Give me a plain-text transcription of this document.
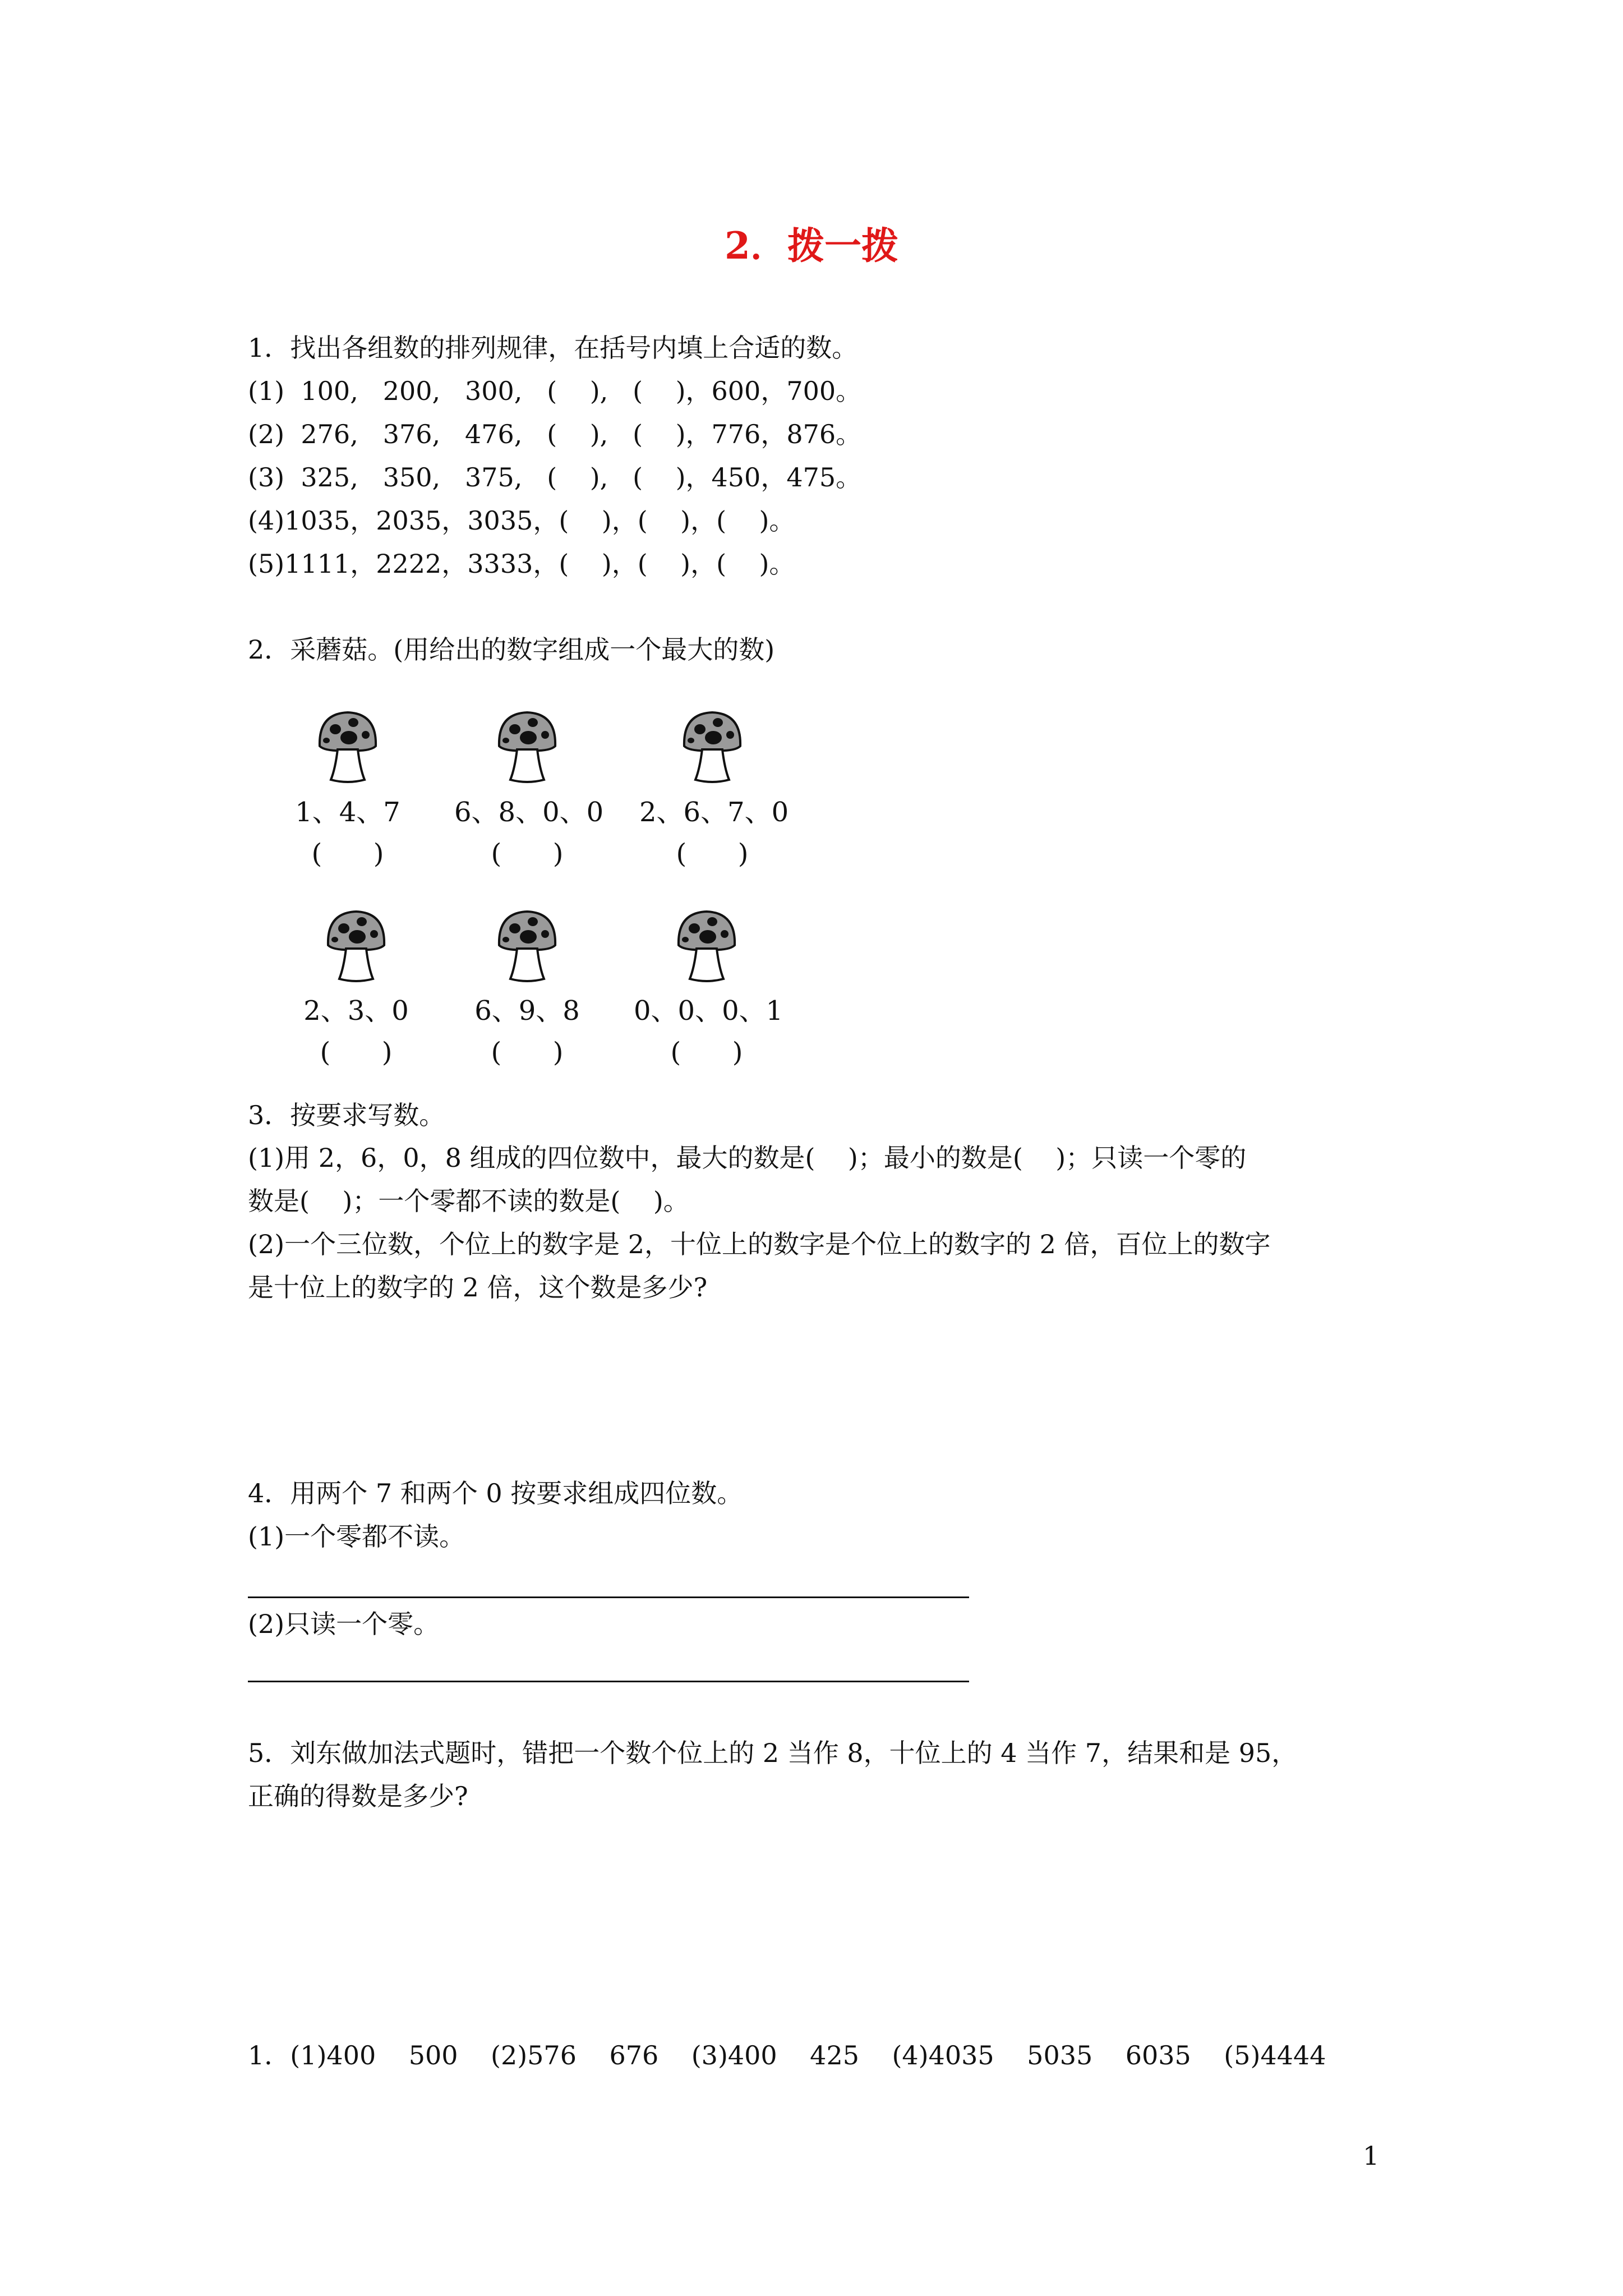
2．拨一拨
1．找出各组数的排列规律，在括号内填上合适的数。
(1)  100,   200,   300,   (    ),   (    )，600，700。
(2)  276,   376,   476,   (    ),   (    )，776，876。
(3)  325,   350,   375,   (    ),   (    )，450，475。
(4)1035，2035，3035，(    )，(    )，(    )。
(5)1111，2222，3333，(    )，(    )，(    )。
2．采蘑菇。(用给出的数字组成一个最大的数)
1、4、7	6、8、0、0 2、6、7、0
(      )	(      )	(      )
2、3、0	6、9、8	0、0、0、1
(      )	(      )	(      )
3．按要求写数。
(1)用 2，6，0，8 组成的四位数中，最大的数是(    )；最小的数是(    )；只读一个零的
数是(    )；一个零都不读的数是(    )。
(2)一个三位数，个位上的数字是 2，十位上的数字是个位上的数字的 2 倍，百位上的数字
是十位上的数字的 2 倍，这个数是多少?
4．用两个 7 和两个 0 按要求组成四位数。
(1)一个零都不读。
(2)只读一个零。
5．刘东做加法式题时，错把一个数个位上的 2 当作 8，十位上的 4 当作 7，结果和是 95，
正确的得数是多少?
1．(1)400    500    (2)576    676    (3)400    425    (4)4035    5035    6035    (5)4444
1
